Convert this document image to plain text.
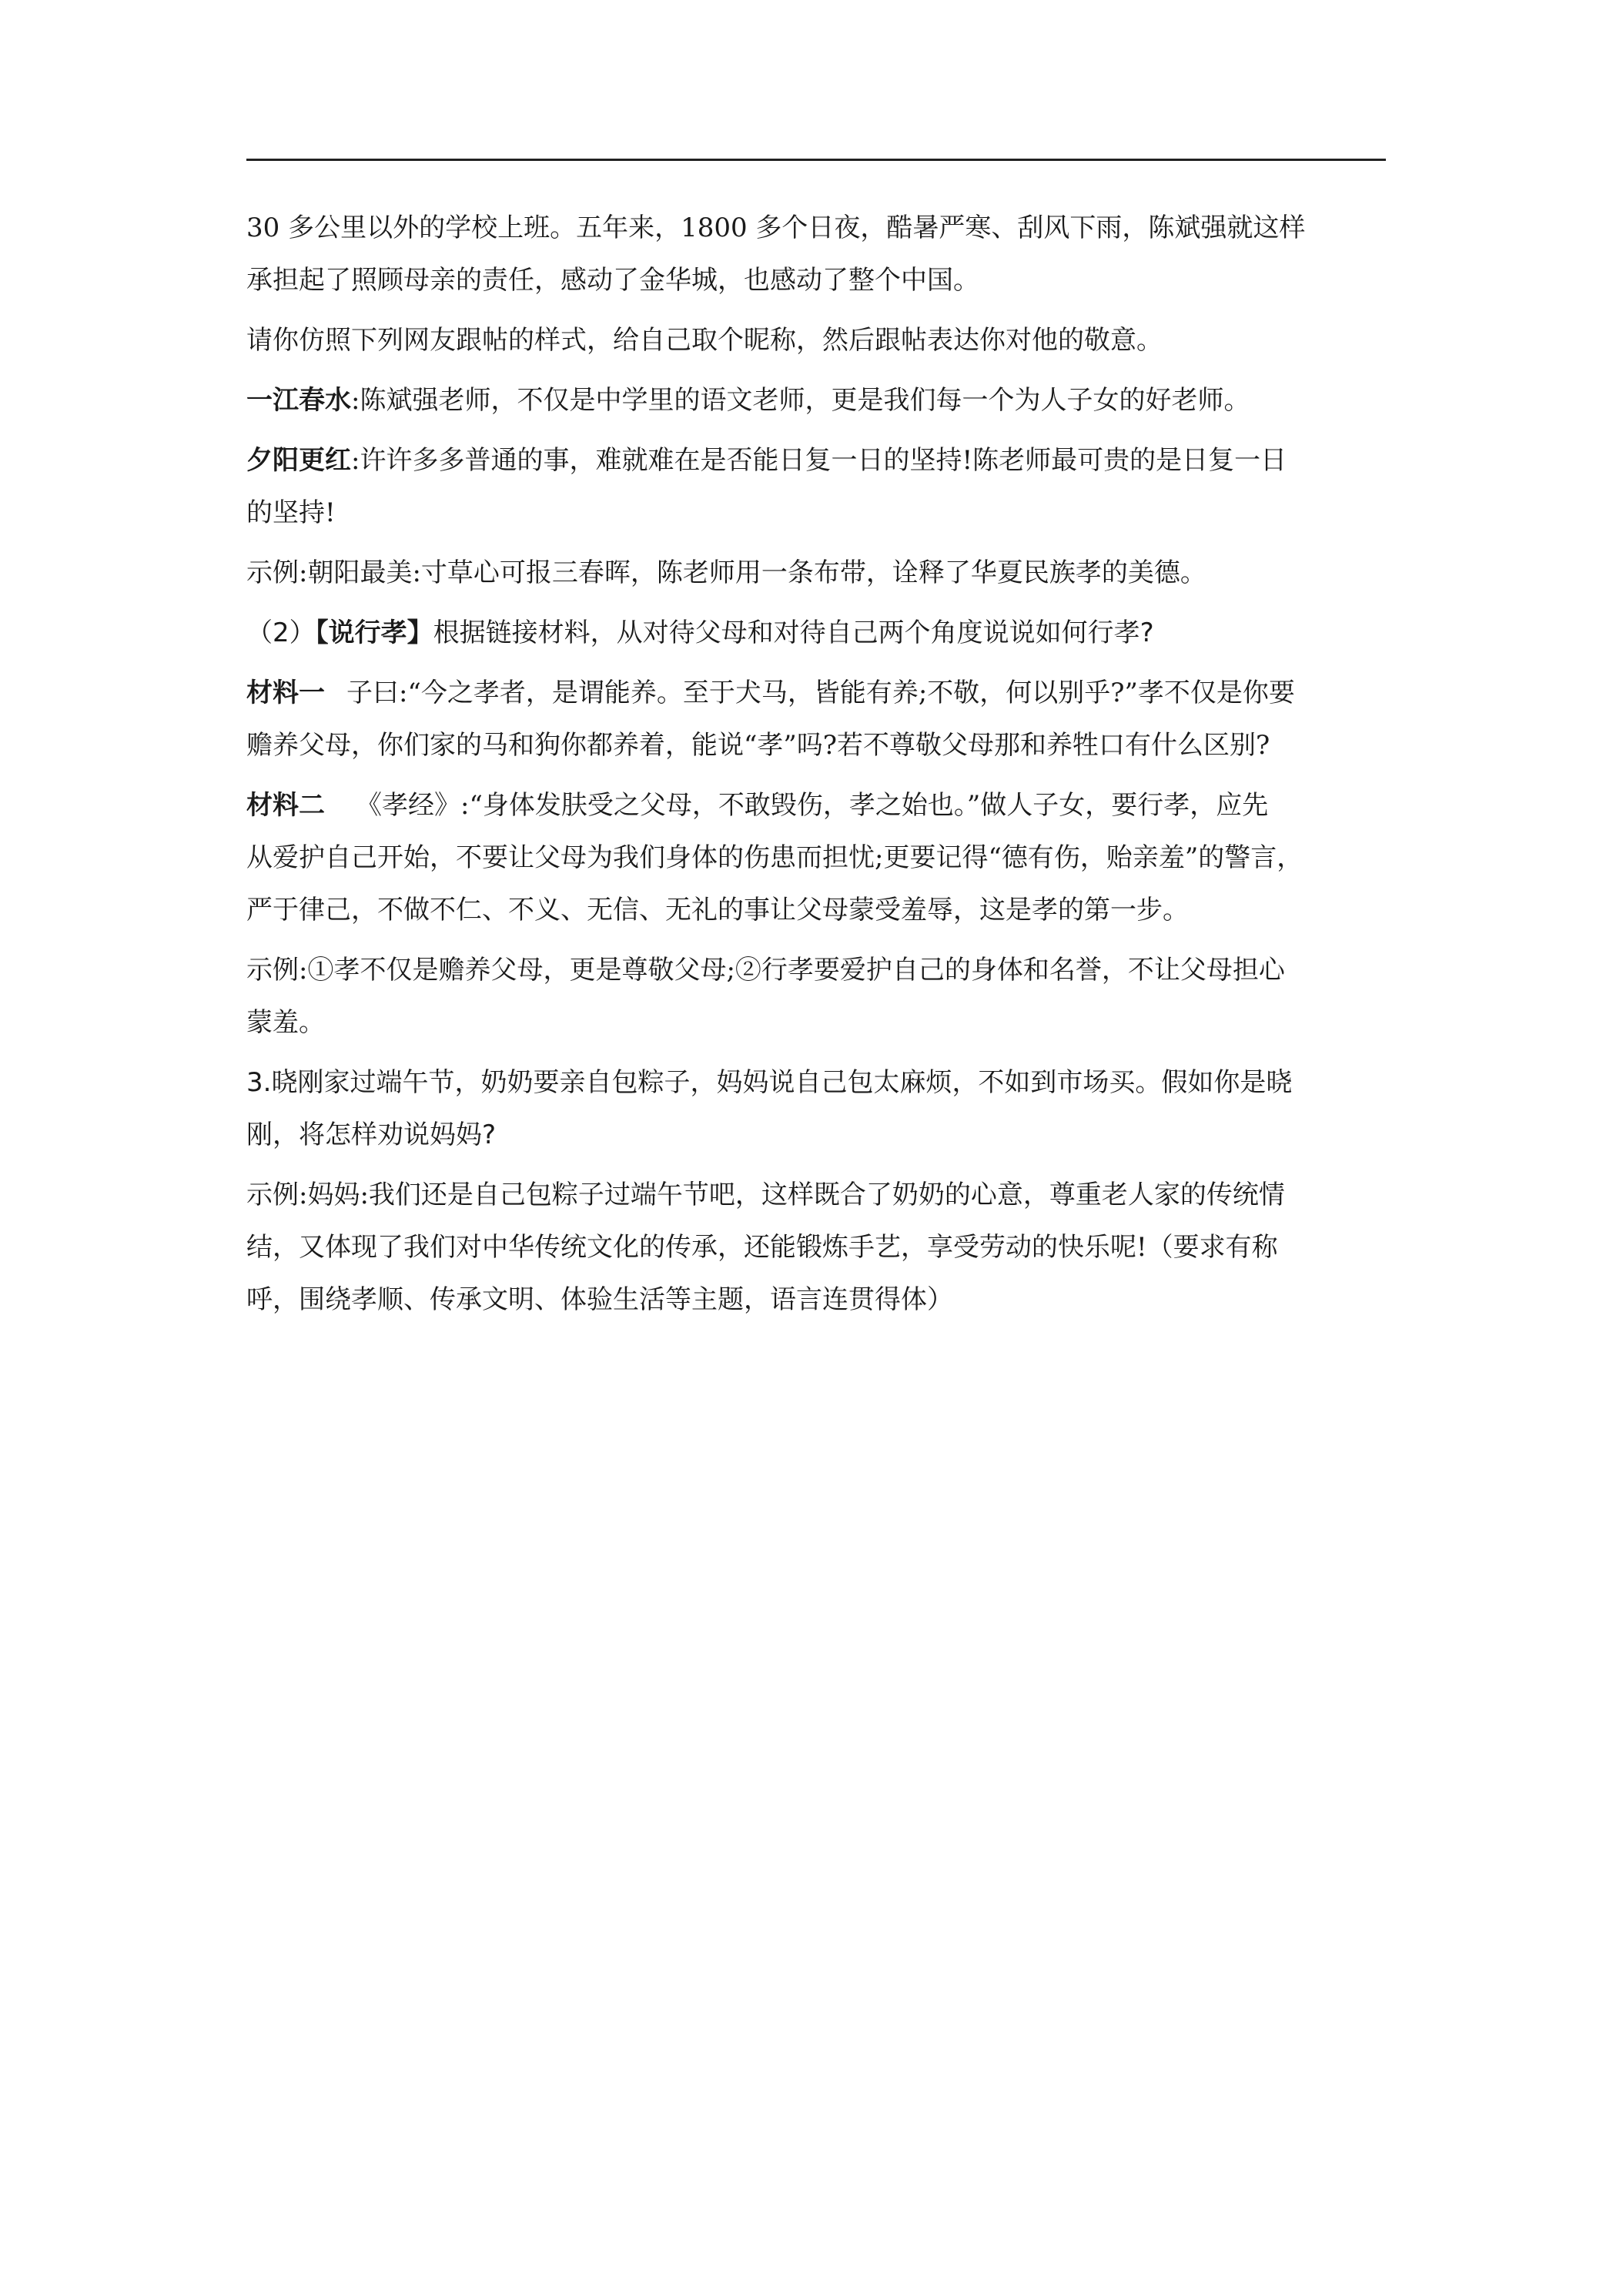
30 多公里以外的学校上班。五年来，1800 多个日夜，酷暑严寒、刮风下雨，陈斌强就这样
承担起了照顾母亲的责任，感动了金华城，也感动了整个中国。

请你仿照下列网友跟帖的样式，给自己取个昵称，然后跟帖表达你对他的敬意。

一江春水:陈斌强老师，不仅是中学里的语文老师，更是我们每一个为人子女的好老师。

夕阳更红:许许多多普通的事，难就难在是否能日复一日的坚持!陈老师最可贵的是日复一日
的坚持!

示例:朝阳最美:寸草心可报三春晖，陈老师用一条布带，诠释了华夏民族孝的美德。

（2）【说行孝】根据链接材料，从对待父母和对待自己两个角度说说如何行孝?

材料一 子曰:“今之孝者，是谓能养。至于犬马，皆能有养;不敬，何以别乎?”孝不仅是你要
赡养父母，你们家的马和狗你都养着，能说“孝”吗?若不尊敬父母那和养牲口有什么区别?

材料二 《孝经》:“身体发肤受之父母，不敢毁伤，孝之始也。”做人子女，要行孝，应先
从爱护自己开始，不要让父母为我们身体的伤患而担忧;更要记得“德有伤，贻亲羞”的警言，
严于律己，不做不仁、不义、无信、无礼的事让父母蒙受羞辱，这是孝的第一步。

示例:①孝不仅是赡养父母，更是尊敬父母;②行孝要爱护自己的身体和名誉，不让父母担心
蒙羞。

3.晓刚家过端午节，奶奶要亲自包粽子，妈妈说自己包太麻烦，不如到市场买。假如你是晓
刚，将怎样劝说妈妈?

示例:妈妈:我们还是自己包粽子过端午节吧，这样既合了奶奶的心意，尊重老人家的传统情
结，又体现了我们对中华传统文化的传承，还能锻炼手艺，享受劳动的快乐呢!（要求有称
呼，围绕孝顺、传承文明、体验生活等主题，语言连贯得体）
